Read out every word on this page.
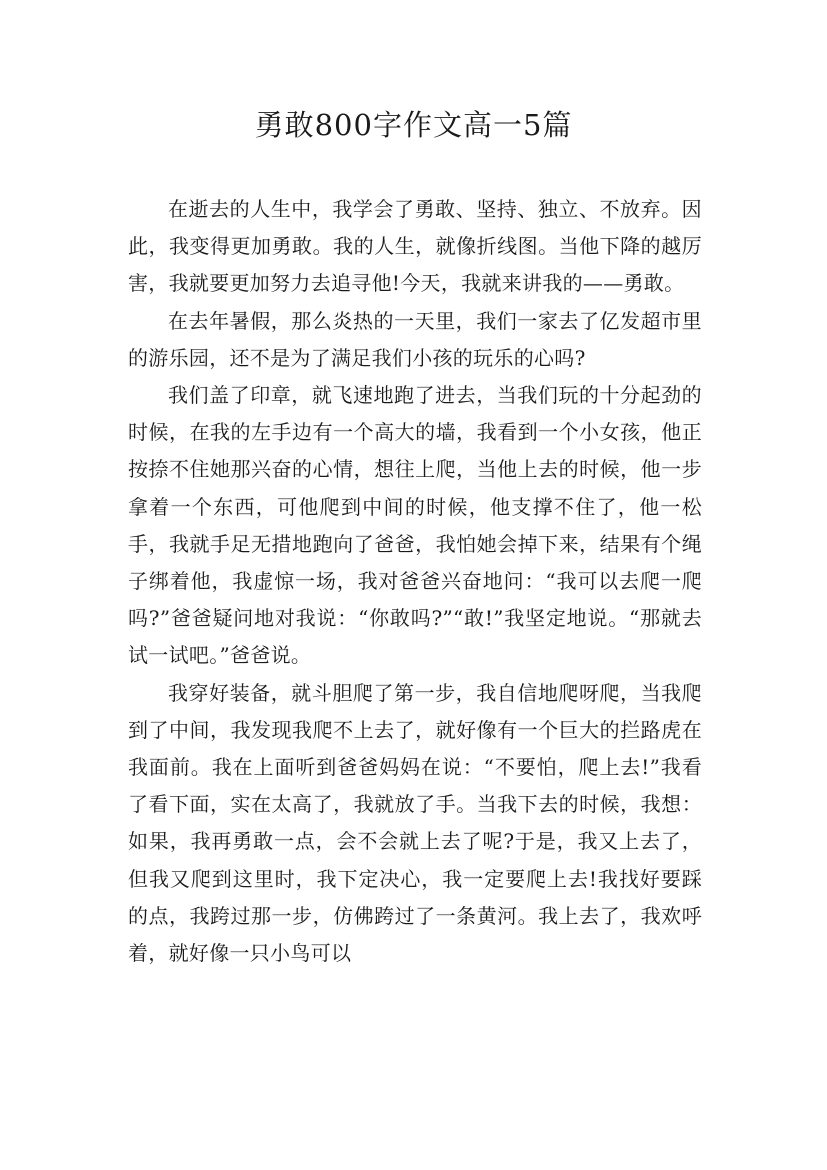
勇敢800字作文高一5篇

在逝去的人生中，我学会了勇敢、坚持、独立、不放弃。因此，我变得更加勇敢。我的人生，就像折线图。当他下降的越厉害，我就要更加努力去追寻他!今天，我就来讲我的——勇敢。

在去年暑假，那么炎热的一天里，我们一家去了亿发超市里的游乐园，还不是为了满足我们小孩的玩乐的心吗?

我们盖了印章，就飞速地跑了进去，当我们玩的十分起劲的时候，在我的左手边有一个高大的墙，我看到一个小女孩，他正按捺不住她那兴奋的心情，想往上爬，当他上去的时候，他一步拿着一个东西，可他爬到中间的时候，他支撑不住了，他一松手，我就手足无措地跑向了爸爸，我怕她会掉下来，结果有个绳子绑着他，我虚惊一场，我对爸爸兴奋地问：“我可以去爬一爬吗?”爸爸疑问地对我说：“你敢吗?”“敢!”我坚定地说。“那就去试一试吧。”爸爸说。

我穿好装备，就斗胆爬了第一步，我自信地爬呀爬，当我爬到了中间，我发现我爬不上去了，就好像有一个巨大的拦路虎在我面前。我在上面听到爸爸妈妈在说：“不要怕，爬上去!”我看了看下面，实在太高了，我就放了手。当我下去的时候，我想：如果，我再勇敢一点，会不会就上去了呢?于是，我又上去了，但我又爬到这里时，我下定决心，我一定要爬上去!我找好要踩的点，我跨过那一步，仿佛跨过了一条黄河。我上去了，我欢呼着，就好像一只小鸟可以
